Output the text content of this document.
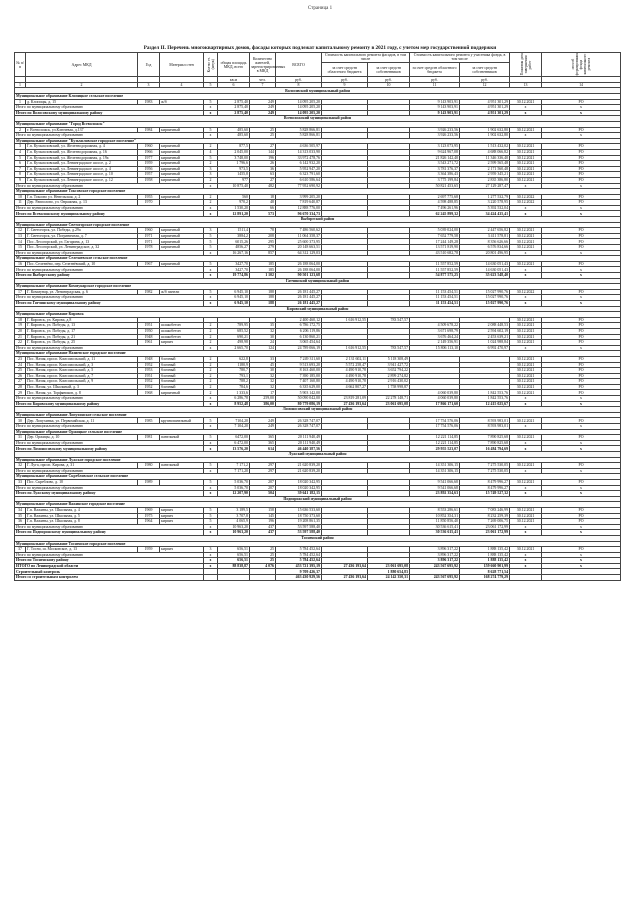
Страница 1
Раздел II. Перечень многоквартирных домов, фасады которых подлежат капитальному ремонту в 2021 году, с учетом мер государственной поддержки
№ п/п	Адрес МКД	Год	Материал стен	Кол-во эт. (штук)	общая площадь МКД, всего	Количество жителей, зарегистрированных в МКД	ВСЕГО	Стоимость капитального ремонта фасадов, в том числе		Стоимость капитального ремонта у участника фонда, в том числе		Плановая дата завершения работ	способ формирования фонда капитального ремонта
								за счет средств областного бюджета	за счет средств собственников	за счет средств областного бюджета	за счет средств собственников		
					кв.м	чел.	руб.	руб.	руб.	руб.	руб.		
1	2	3	4	5	6	7	8	9	10	11	12	13	14
Волосовский муниципальный район													
Муниципальное образование Клопицкое сельское поселение													
1	д. Клопицы, д. 15	1983	ж/б	5	2 875,40	249	14 095 205,20			9 143 903,91	4 951 301,29	30.12.2021	РО
Итого по муниципальному образованию				x	2 875,40	249	14 095 205,20			9 143 903,91	4 951 301,29	x	x
Итого по Волосовскому муниципальному району				x	2 875,40	249	14 095 205,20			9 143 903,91	4 951 301,29	x	x
Всеволожский муниципальный район													
Муниципальное образование "Город Всеволожск"													
2	г. Всеволожск, ул.Ключевая, д.137	1984	кирпичный	5	485,60	25	5 828 866,81			3 926 233,56	1 902 632,80	30.12.2021	РО
Итого по муниципальному образованию				x	485,60	25	5 828 866,81			3 926 233,56	1 902 632,80	x	x
Муниципальное образование "Кузьмоловское городское поселение"													
3	Г.п. Кузьмоловский, ул. Железнодорожная, д. 4	1960	кирпичный	2	877,5	27	4 636 505,97			3 123 073,95	1 513 432,02	30.12.2021	РО
4	Г.п. Кузьмоловский, ул. Железнодорожная, д. 16	1966	кирпичный	4	2 045,00	144	14 313 033,90			9 624 967,08	4 688 066,82	30.12.2021	РО
5	Г.п. Кузьмоловский, ул. Железнодорожная, д. 19а	1977	кирпичный	5	3 748,00	196	33 972 478,76			21 826 142,40	11 346 336,40	30.12.2021	РО
6	Г.п. Кузьмоловский, ул. Ленинградское шоссе, д. 2	1959	кирпичный	2	1 796,6	26	6 142 932,20			3 543 271,72	2 599 565,48	30.12.2021	РО
7	Г.п. Кузьмоловский, ул. Ленинградское шоссе, д. 4	1956	кирпичный	3	973,5	36	5 952 947,20			3 781 376,37	2 171 560,48	30.12.2021	РО
8	Г.п. Кузьмоловский, ул. Ленинградское шоссе, д. 10	1957	кирпичный	3	1455,8	63	6 323 791,60			3 364 386,43	2 959 345,21	30.12.2021	РО
9	Г.п. Кузьмоловский, ул. Ленинградское шоссе, д. 12	1958	кирпичный	2	977	27	6 610 586,64			3 775 199,84	2 835 386,80	30.12.2021	РО
Итого по муниципальному образованию				x	10 875,40	482	77 952 690,92			50 821 453,65	27 129 287,47	x	x
Муниципальное образование Токсовское городское поселение													
10	Г.п. Токсово ул. Невельская, д. 2	1955	кирпичный	2	560	18	3 999 205,20			2 697 775,68	1 277 532,79	30.12.2022	РО
11	Дер. Рапполово, ул. Овражная, д. 13	1970		2	970,2	48	7 819 640,87			4 598 488,85	3 220 578,95	30.12.2022	РО
Итого по муниципальному образованию				x	1 530,20	66	12 888 776,00			7 496 261,96	5 392 532,04	x	x
Итого по Всеволожскому муниципальному району				x	12 891,20	573	96 670 334,73			62 245 899,32	34 424 435,41	x	x
Выборгский район													
Муниципальное образование Светогорское городское поселение													
12	Г. Светогорск, ул. Победы, д.29а	1960	кирпичный	3	1511,4	78	7 486 560,62			5 039 024,00	2 447 656,82	30.12.2021	РО
13	Г. Светогорск, ул. Пограничная, д. 7	1971	кирпичный	5	3884,2	208	11 064 358,37			7 652 779,58	3 411 578,81	30.12.2021	РО
14	Пос. Лесогорский, ул. Гагарина, д. 13	1971	кирпичный	5	6015,26	295	25 600 373,95			17 244 149,28	8 356 626,66	30.12.2021	РО
15	Пос. Лесогорский, ул. Ленинградское, д. 32	1978	кирпичный	5	4856,27	279	20 148 663,51			13 571 819,90	6 576 834,66	30.12.2021	РО
Итого по муниципальному образованию				x	16 267,16	857	64 312 129,03			43 510 682,78	20 801 496,95	x	x
Муниципальное образование Селезневское сельское поселение													
16	Пос. Селезнёво, пер. Селезнёвский, д. 10	1967	кирпичный	5	3427,70	185	26 188 064,00			11 557 852,59	14 630 051,43	30.12.2021	РО
Итого по муниципальному образованию				x	3427,70	185	26 188 064,00			11 557 852,59	14 630 051,43	x	x
Итого по Выборгскому району				x	19 774,86	1 102	90 501 123,68			54 877 575,25	35 623 548,40	x	x
Гатчинский муниципальный район													
Муниципальное образование Коммунарское городское поселение													
17	Г. Коммунар, ул. Ленинградская, д. 6	1982	ж/б панели	5	6 945,10	188	26 181 445,27			11 153 454,51	15 027 990,76	30.12.2022	РО
Итого по муниципальному образованию				x	6 945,10	188	26 181 445,27			11 153 454,51	15 027 990,76	x	x
Итого по Гатчинскому муниципальному району				x	6 945,10	188	26 181 445,27			11 153 454,51	15 027 990,76	x	x
Кировский муниципальный район													
Муниципальное образование Кировск													
18	Г. Кировск, ул. Кирова, д.8						2 400 460,12	1 616 912,55	783 547,57			30.12.2021	РО
19	Г. Кировск, ул. Победы, д. 13	1951	шлакобетон	2	789,95	35	6 786 172,75			4 509 678,22	2 088 448,53	30.12.2021	РО
20	Г. Кировск, ул. Победы, д. 17	1950	шлакобетон	2	685,52	32	6 206 119,86			3 671 698,79	2 594 602,19	30.12.2021	РО
21	Г. Кировск, ул. Победы, д. 21	1948	шлакобетон	2	690,21	30	6 130 860,21			3 676 464,24	2 453 639,21	30.12.2021	РО
22	Г. Кировск, ул. Победы, д. 25	1961	кирпич	2	498,98	24	3 065 454,64			2 149 356,91	1 024 988,84	30.12.2021	РО
Итого по муниципальному образованию				x	2 665,70	124	24 789 066,19	1 616 912,55	783 547,57	15 806 113,10	6 992 470,97	x	x
Муниципальное образование Назиевское городское поселение													
23	Пос. Назия, просп. Комсомольский, д. 11	1948	блочный	2	622,8	33	7 249 311,60	2 131 602,11	5 118 308,49			30.12.2021	РО
24	Пос. Назия, просп. Комсомольский, д. 3	1952	блочный	2	1180,9	45	9 513 693,20	5 572 258,47	3 941 427,72			30.12.2021	РО
25	Пос. Назия, просп. Комсомольский, д. 5	1953	блочный	2	780,7	30	8 163 460,00	4 490 910,78	3 652 794,22			30.12.2021	РО
26	Пос. Назия, просп. Комсомольский, д. 7	1951	блочный	2	793,1	32	7 390 185,00	4 490 910,78	2 899 274,82			30.12.2021	РО
27	Пос. Назия, просп. Комсомольский, д. 9	1952	блочный	2	788,2	32	7 407 160,80	4 490 910,78	2 916 430,02			30.12.2021	РО
28	Пос. Назия, ул. Школьный, д. 3	1952	блочный	2	784,6	32	6 335 629,00	4 662 807,27	1 758 998,87			30.12.2021	РО
29	Пос. Назия, ул. Торфяников, д. 8	1968	кирпичный	2	1 333,6	17	5 903 142,00			4 060 039,80	1 842 553,76	30.12.2021	РО
Итого по муниципальному образованию				x	6 286,78	259,00	50 090 042,00	23 819 281,09	22 278 148,71	4 060 039,80	1 842 553,76	x	x
Итого по Кировскому муниципальному району				x	8 952,48	386,00	80 779 086,19	27 436 193,64	23 061 695,08	17 866 171,60	12 415 025,67	x	x
Ломоносовский муниципальный район													
Муниципальное образование Лопухинское сельское поселение													
30	Дер. Лопухинка, ул. Первомайская, д. 11	1985	крупнопанельный	5	7104,20	249	26 328 747,07			17 754 576,06	8 593 983,01	30.12.2021	РО
Итого по муниципальному образованию				x	7 104,20	249	26 328 747,07			17 754 576,06	8 593 983,01	x	x
Муниципальное образование Оржицкое сельское поселение													
31	Дер. Оржицы, д. 10	1981	панельный	5	6472,00	365	20 111 940,49			12 221 114,85	7 890 825,68	30.12.2021	РО
Итого по муниципальному образованию				x	6 472,00	365	20 111 940,49			12 221 114,85	7 890 825,68	x	x
Итого по Ломоносовскому муниципальному району				x	13 576,20	614	46 440 387,56			29 955 523,07	16 484 794,69	x	x
Лужский муниципальный район													
Муниципальное образование Лужское городское поселение													
32	Г. Луга, просп. Кирова, д. 31	1980	панельный	5	7 171,2	297	21 620 839,20			14 351 306,15	7 275 530,05	30.12.2021	РО
Итого по муниципальному образованию				x	7 171,20	297	21 620 839,20			14 351 306,15	7 275 530,05	x	x
Муниципальное образование Скребловское сельское поселение													
33	Пос. Скреблово, д. 10	1989		5	5 036,70	207	18 020 342,95			9 541 066,68	8 479 996,27	30.12.2021	РО
Итого по муниципальному образованию				x	5 036,70	207	18 020 342,95			9 541 066,68	8 479 996,27	x	x
Итого по Лужскому муниципальному району				x	12 207,90	504	39 641 182,15			23 892 354,63	15 749 527,32	x	x
Подпорожский муниципальный район													
Муниципальное образование Важинское городское поселение													
34	Г.п. Важины, ул. Школьная, д. 4	1969	кирпич	5	3 189,5	158	15 636 533,60			8 553 286,61	7 083 246,99	30.12.2021	РО
35	Г.п. Важины, ул. Школьная, д. 5	1975	кирпич	5	3 707,8	145	18 750 373,60			10 852 354,31	8 232 259,39	30.12.2021	РО
36	Г.п. Важины, ул. Школьная, д. 8	1964	кирпич	5	4 065,9	196	19 208 861,35			11 850 856,40	7 269 006,75	30.12.2021	РО
Итого по муниципальному образованию				x	10 963,20	437	53 597 588,40			30 536 615,41	23 061 172,99	x	x
Итого по Подпорожскому муниципальному району				x	10 963,20	437	53 597 588,40			30 536 615,41	23 061 172,99	x	x
Тосненский район													
Муниципальное образование Тосненское городское поселение													
37	Г. Тосно, ш. Московское, д. 13	1959	кирпич	3	656,51	25	5 784 452,64			3 896 317,22	1 888 135,42	30.12.2021	РО
Итого по муниципальному образованию				x	656,51	25	5 784 452,64			3 896 317,22	1 888 135,42	x	x
Итого по Тосненскому району				x	656,51	25	5 784 452,64			3 896 317,22	1 888 135,42	x	x
ИТОГО по Ленинградской области				x	88 838,87	4 076	453 721 395,19	27 436 193,64	23 061 695,08	243 567 695,92	159 660 901,99	x	x
Строительный контроль							9 709 426,37		1 880 654,83		8 628 771,54		
Итого со строительным контролем							463 430 929,56	27 436 193,64	24 142 350,31	243 567 695,92	168 274 779,29		
